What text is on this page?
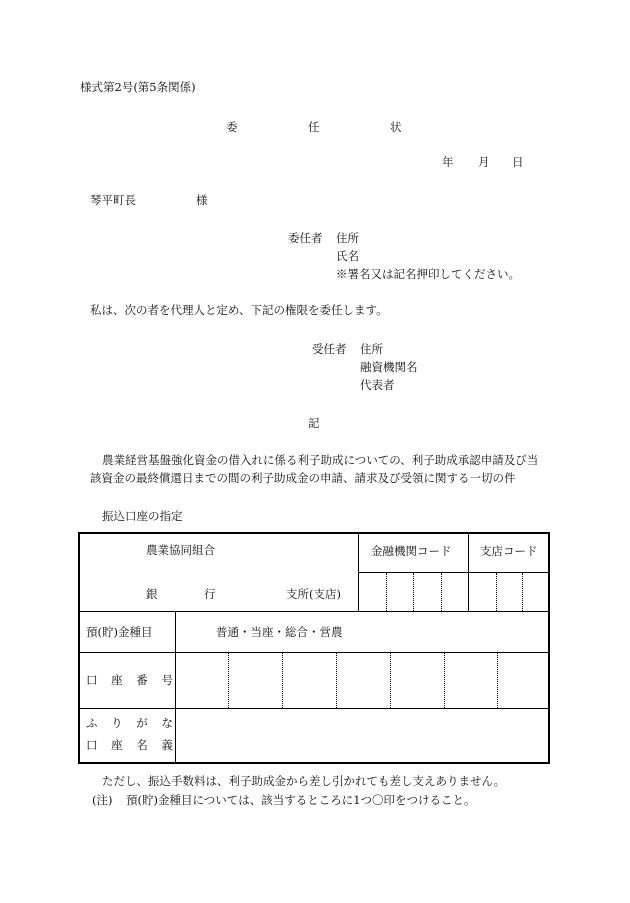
様式第2号(第5条関係)
委	任	状
年 月 日
琴平町長	様
委任者 住所
氏名
※署名又は記名押印してください。
私は、次の者を代理人と定め、下記の権限を委任します。
受任者 住所
融資機関名
代表者
記
農業経営基盤強化資金の借入れに係る利子助成についての、利子助成承認申請及び当
該資金の最終償還日までの間の利子助成金の申請、請求及び受領に関する一切の件
振込口座の指定
農業協同組合
銀	行	支所(支店)
金融機関コード 支店コード
預(貯)金種目	普通・当座・総合・営農
口 座 番 号
ふ り が な
口 座 名 義
ただし、振込手数料は、利子助成金から差し引かれても差し支えありません。
(注) 預(貯)金種目については、該当するところに1つ〇印をつけること。
